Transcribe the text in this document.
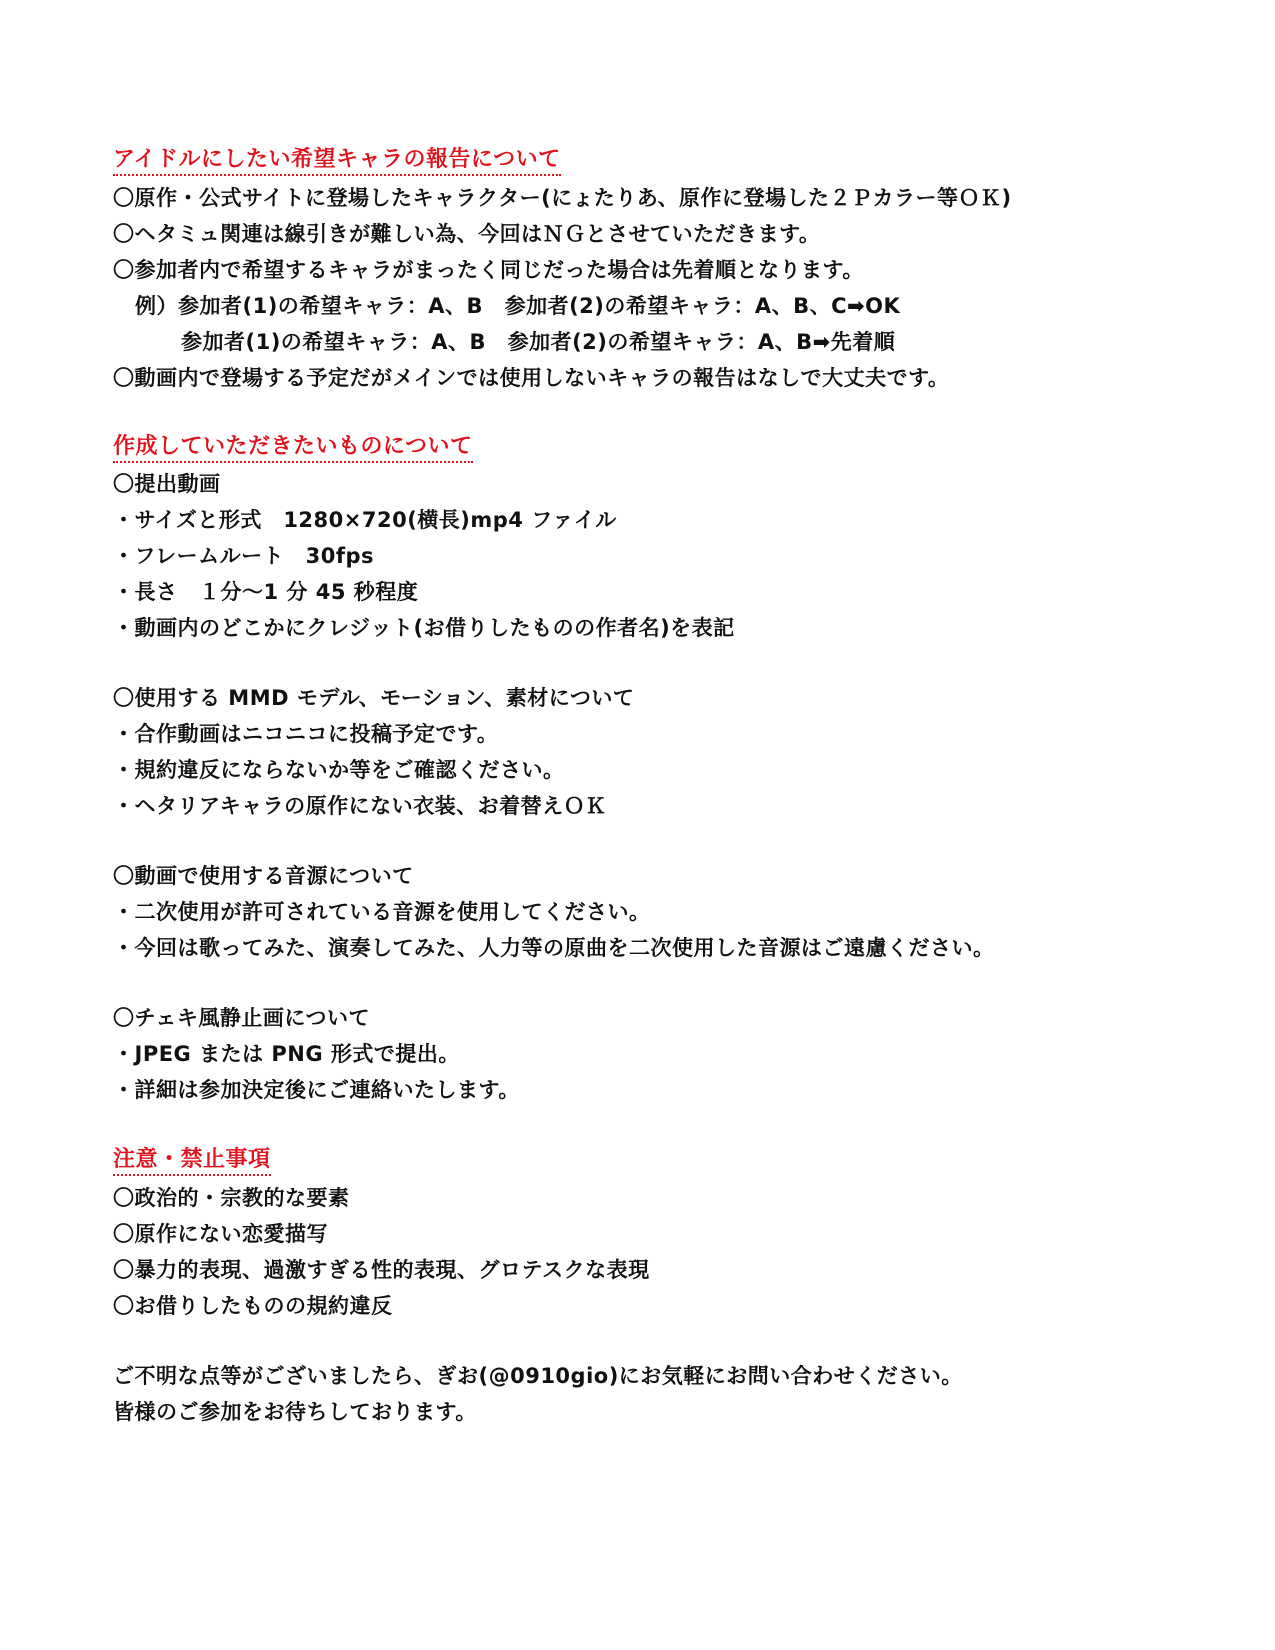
アイドルにしたい希望キャラの報告について
〇原作・公式サイトに登場したキャラクター(にょたりあ、原作に登場した２Ｐカラー等ＯＫ)
〇ヘタミュ関連は線引きが難しい為、今回はＮＧとさせていただきます。
〇参加者内で希望するキャラがまったく同じだった場合は先着順となります。
例）参加者(1)の希望キャラ：A、B　参加者(2)の希望キャラ：A、B、C➡OK
参加者(1)の希望キャラ：A、B　参加者(2)の希望キャラ：A、B➡先着順
〇動画内で登場する予定だがメインでは使用しないキャラの報告はなしで大丈夫です。
作成していただきたいものについて
〇提出動画
・サイズと形式　1280×720(横長)mp4 ファイル
・フレームルート　30fps
・長さ　１分～1 分 45 秒程度
・動画内のどこかにクレジット(お借りしたものの作者名)を表記
〇使用する MMD モデル、モーション、素材について
・合作動画はニコニコに投稿予定です。
・規約違反にならないか等をご確認ください。
・ヘタリアキャラの原作にない衣装、お着替えＯＫ
〇動画で使用する音源について
・二次使用が許可されている音源を使用してください。
・今回は歌ってみた、演奏してみた、人力等の原曲を二次使用した音源はご遠慮ください。
〇チェキ風静止画について
・JPEG または PNG 形式で提出。
・詳細は参加決定後にご連絡いたします。
注意・禁止事項
〇政治的・宗教的な要素
〇原作にない恋愛描写
〇暴力的表現、過激すぎる性的表現、グロテスクな表現
〇お借りしたものの規約違反
ご不明な点等がございましたら、ぎお(@0910gio)にお気軽にお問い合わせください。
皆様のご参加をお待ちしております。
